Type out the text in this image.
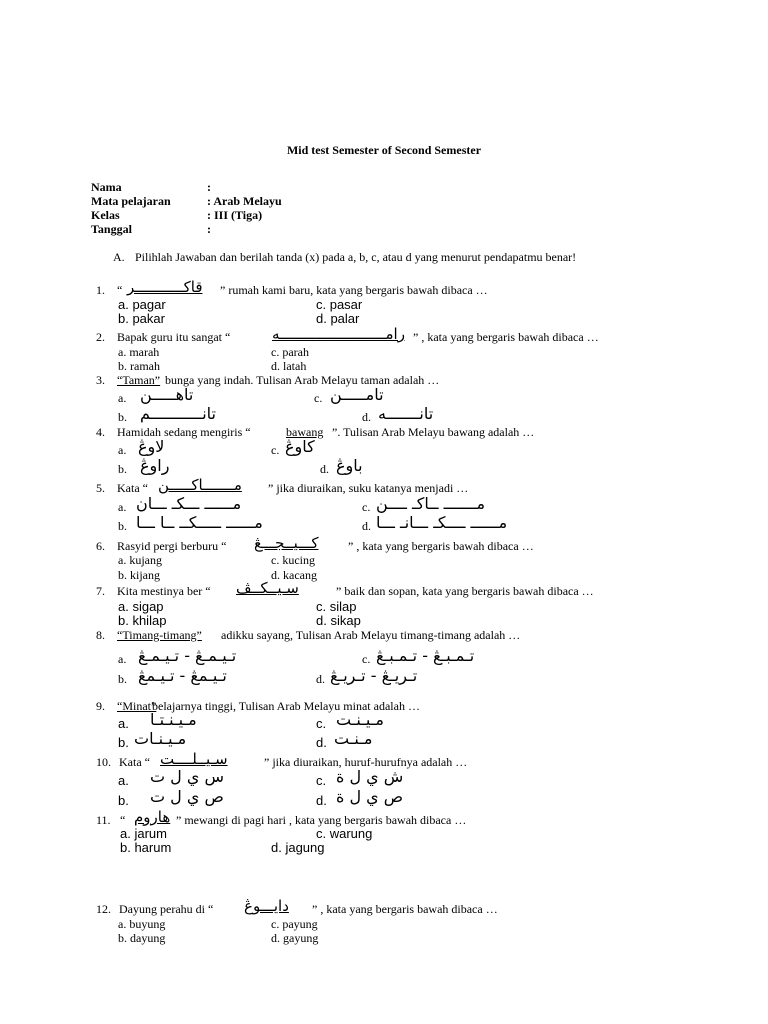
Mid test Semester of Second Semester
Nama	:
Mata pelajaran	: Arab Melayu
Kelas	: III (Tiga)
Tanggal	:
A. Pilihlah Jawaban dan berilah tanda (x) pada a, b, c, atau d yang menurut pendapatmu benar!
1. “ قاكـــــــــــر ” rumah kami baru, kata yang bergaris bawah dibaca …
a. pagar
b. pakar
c. pasar
d. palar
2. Bapak guru itu sangat “	رامــــــــــــــــــــــــه ” , kata yang bergaris bawah dibaca …
a. marah
b. ramah
c. parah
d. latah
3. “Taman” bunga yang indah. Tulisan Arab Melayu taman adalah …
a. تاهـــــن
b. تانـــــــــــم
c. تامـــــن
d. تانـــــــه
4. Hamidah sedang mengiris “	bawang ”. Tulisan Arab Melayu bawang adalah …
a. لاوڠ
b. راوڠ
c. کاوڠ
d. باوڠ
5. Kata “ مـــــــاكـــــن ” jika diuraikan, suku katanya menjadi …
a. مــــــ ـــكـ ـــان
b. مــــــ ـــــكــ ــا ـــا
c. مـــــــ ــاكـ ــــن
d. مــــــ ــــكـ ـــانـ ـــا
6. Rasyid pergi berburu “ كـــيــجـــڠ ” , kata yang bergaris bawah dibaca …
a. kujang
b. kijang
c. kucing
d. kacang
7. Kita mestinya ber “ سـيــكــڤ	” baik dan sopan, kata yang bergaris bawah dibaca …
a. sigap
b. khilap
c. silap
d. sikap
8. “Timang-timang” adikku sayang, Tulisan Arab Melayu timang-timang adalah …
a. تـيـمـڠ - تـيـمـڠ
b. تـيـمڠ - تـيـمڠ
c. تـمـبـڠ - تـمـبـڠ
d. تـريـڠ - تـريـڠ
9. “Minat”
belajarnya tinggi, Tulisan Arab Melayu minat adalah …
a. مـيـنـتـا
b. مـيـنـات
c. مـيـنـت
d. مـنـت
10. Kata “ سـيــلــــت	” jika diuraikan, huruf-hurufnya adalah …
a. س ي ل ت
b. ص ي ل ت
c. ش ي ل ة
d. ص ي ل ة
11. “ هاروم ” mewangi di pagi hari , kata yang bergaris bawah dibaca …
a. jarum
b. harum
c. warung
d. jagung
12. Dayung perahu di “ دايـــوڠ ” , kata yang bergaris bawah dibaca …
a. buyung
b. dayung
c. payung
d. gayung
